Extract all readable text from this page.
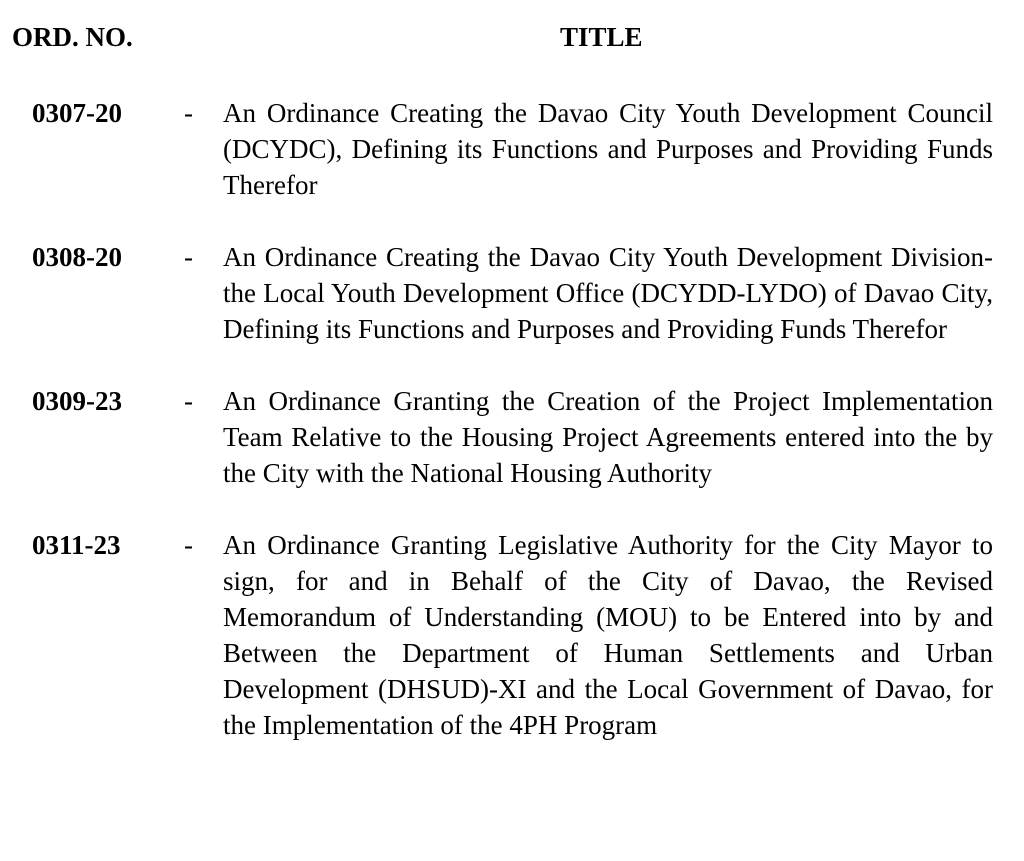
ORD. NO.	TITLE
0307-20 - An Ordinance Creating the Davao City Youth Development Council (DCYDC), Defining its Functions and Purposes and Providing Funds Therefor
0308-20 - An Ordinance Creating the Davao City Youth Development Division-the Local Youth Development Office (DCYDD-LYDO) of Davao City, Defining its Functions and Purposes and Providing Funds Therefor
0309-23 - An Ordinance Granting the Creation of the Project Implementation Team Relative to the Housing Project Agreements entered into the by the City with the National Housing Authority
0311-23 - An Ordinance Granting Legislative Authority for the City Mayor to sign, for and in Behalf of the City of Davao, the Revised Memorandum of Understanding (MOU) to be Entered into by and Between the Department of Human Settlements and Urban Development (DHSUD)-XI and the Local Government of Davao, for the Implementation of the 4PH Program
